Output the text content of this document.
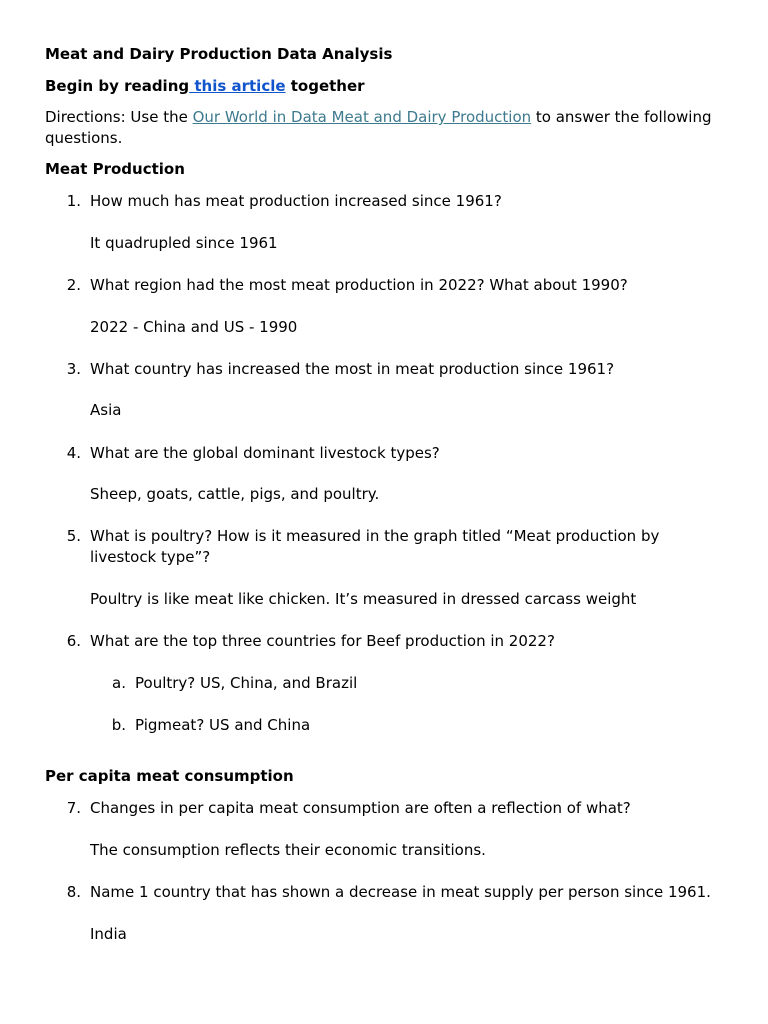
Meat and Dairy Production Data Analysis
Begin by reading this article together
Directions: Use the Our World in Data Meat and Dairy Production to answer the following
questions.
Meat Production
1. How much has meat production increased since 1961?
It quadrupled since 1961
2. What region had the most meat production in 2022? What about 1990?
2022 - China and US - 1990
3. What country has increased the most in meat production since 1961?
Asia
4. What are the global dominant livestock types?
Sheep, goats, cattle, pigs, and poultry.
5. What is poultry? How is it measured in the graph titled “Meat production by
livestock type”?
Poultry is like meat like chicken. It’s measured in dressed carcass weight
6. What are the top three countries for Beef production in 2022?
a. Poultry? US, China, and Brazil
b. Pigmeat? US and China
Per capita meat consumption
7. Changes in per capita meat consumption are often a reflection of what?
The consumption reflects their economic transitions.
8. Name 1 country that has shown a decrease in meat supply per person since 1961.
India
